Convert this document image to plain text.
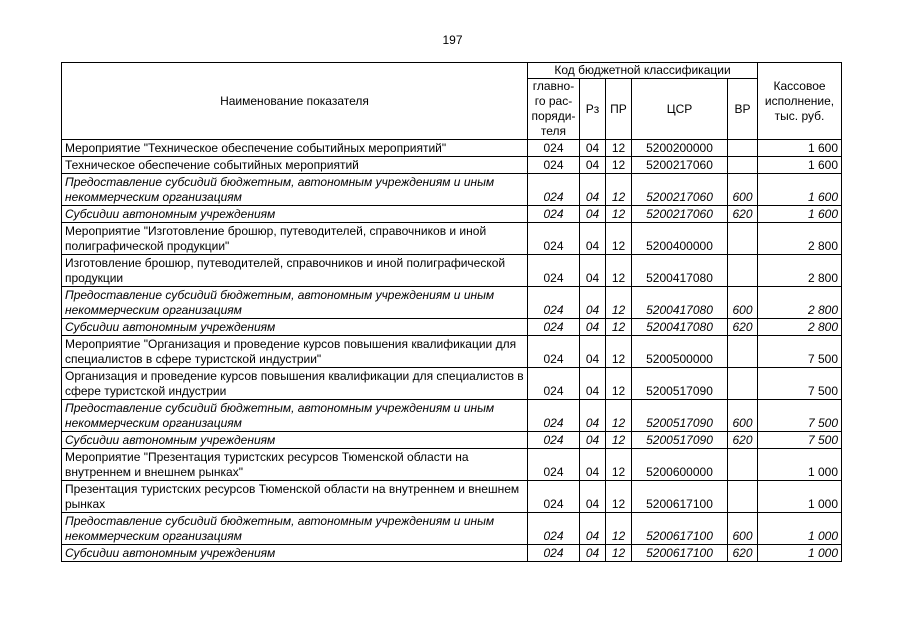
197
Наименование показателя	Код бюджетной классификации					Кассовое исполнение, тыс. руб.
	главно-го рас-поряди-теля	Рз	ПР	ЦСР	ВР	
Мероприятие "Техническое обеспечение событийных мероприятий"	024	04	12	5200200000		1 600
Техническое обеспечение событийных мероприятий	024	04	12	5200217060		1 600
Предоставление субсидий бюджетным, автономным учреждениям и иным некоммерческим организациям	024	04	12	5200217060	600	1 600
Субсидии автономным учреждениям	024	04	12	5200217060	620	1 600
Мероприятие "Изготовление брошюр, путеводителей, справочников и иной полиграфической продукции"	024	04	12	5200400000		2 800
Изготовление брошюр, путеводителей, справочников и иной полиграфической продукции	024	04	12	5200417080		2 800
Предоставление субсидий бюджетным, автономным учреждениям и иным некоммерческим организациям	024	04	12	5200417080	600	2 800
Субсидии автономным учреждениям	024	04	12	5200417080	620	2 800
Мероприятие "Организация и проведение курсов повышения квалификации для специалистов в сфере туристской индустрии"	024	04	12	5200500000		7 500
Организация и проведение курсов повышения квалификации для специалистов в сфере туристской индустрии	024	04	12	5200517090		7 500
Предоставление субсидий бюджетным, автономным учреждениям и иным некоммерческим организациям	024	04	12	5200517090	600	7 500
Субсидии автономным учреждениям	024	04	12	5200517090	620	7 500
Мероприятие "Презентация туристских ресурсов Тюменской области на внутреннем и внешнем рынках"	024	04	12	5200600000		1 000
Презентация туристских ресурсов Тюменской области на внутреннем и внешнем рынках	024	04	12	5200617100		1 000
Предоставление субсидий бюджетным, автономным учреждениям и иным некоммерческим организациям	024	04	12	5200617100	600	1 000
Субсидии автономным учреждениям	024	04	12	5200617100	620	1 000
